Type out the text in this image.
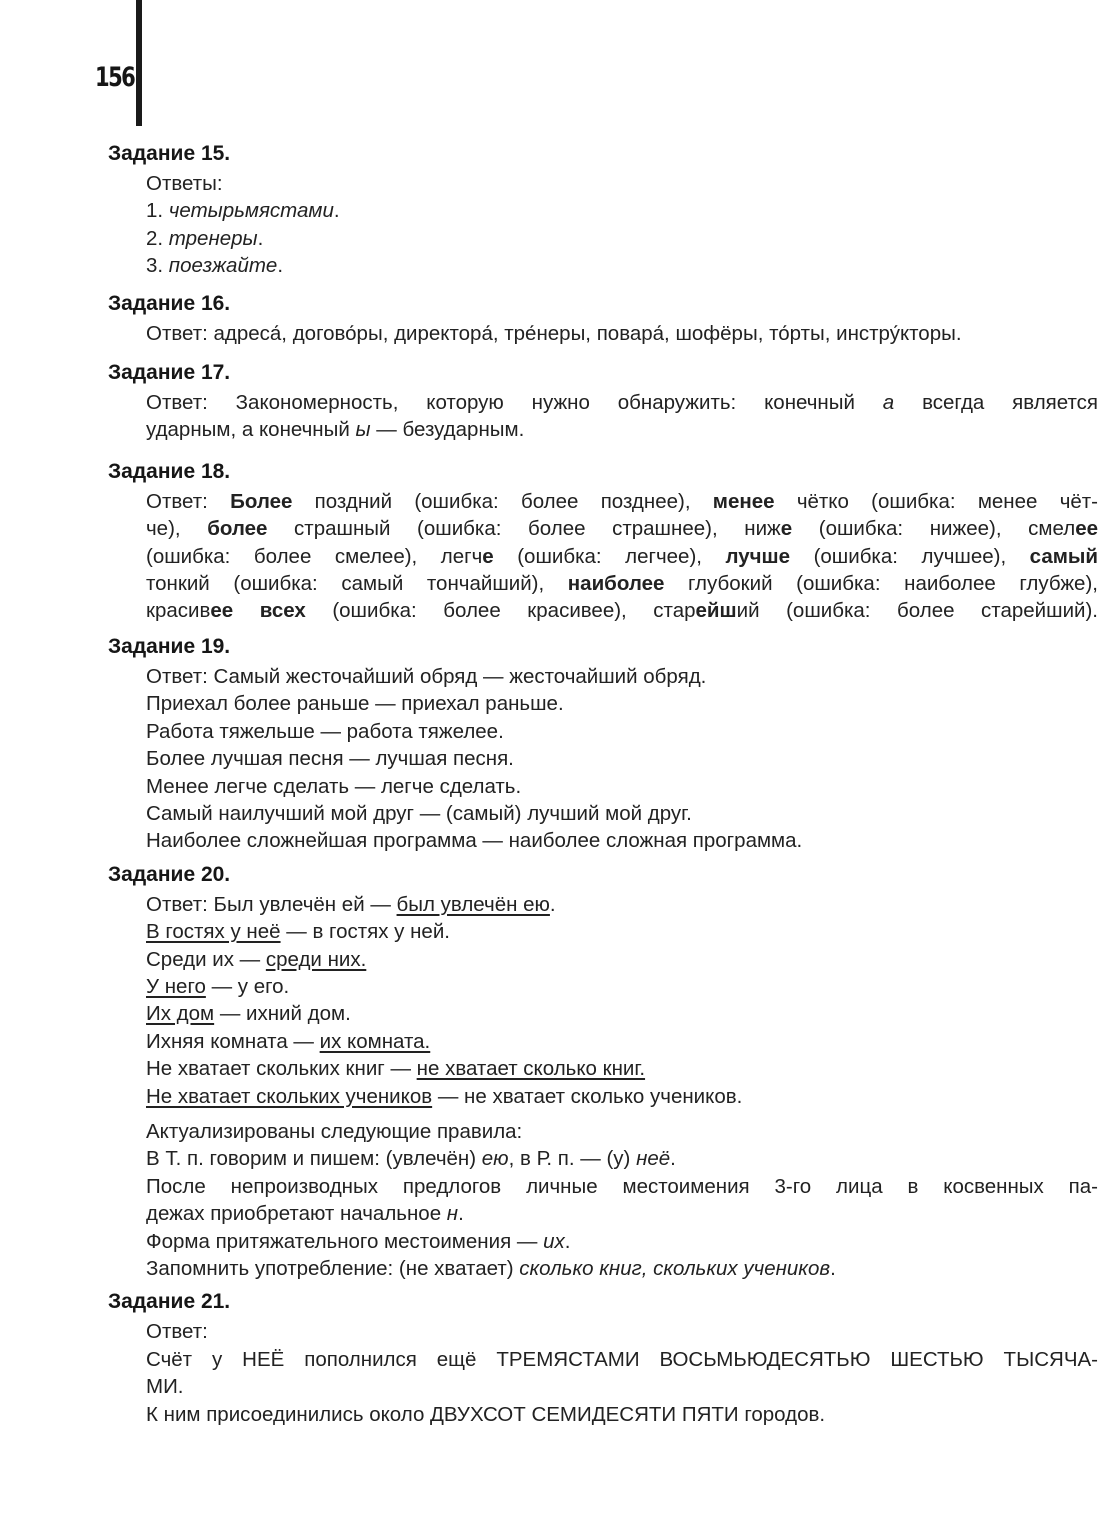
156
Задание 15.
Ответы:
1. четырьмястами.
2. тренеры.
3. поезжайте.
Задание 16.
Ответ: адреса́, догово́ры, директора́, тре́неры, повара́, шофёры, то́рты, инстру́кторы.
Задание 17.
Ответ: Закономерность, которую нужно обнаружить: конечный а всегда является
ударным, а конечный ы — безударным.
Задание 18.
Ответ: Более поздний (ошибка: более позднее), менее чётко (ошибка: менее чёт-
че), более страшный (ошибка: более страшнее), ниже (ошибка: нижее), смелее
(ошибка: более смелее), легче (ошибка: легчее), лучше (ошибка: лучшее), самый
тонкий (ошибка: самый тончайший), наиболее глубокий (ошибка: наиболее глубже),
красивее всех (ошибка: более красивее), старейший (ошибка: более старейший).
Задание 19.
Ответ: Самый жесточайший обряд — жесточайший обряд.
Приехал более раньше — приехал раньше.
Работа тяжельше — работа тяжелее.
Более лучшая песня — лучшая песня.
Менее легче сделать — легче сделать.
Самый наилучший мой друг — (самый) лучший мой друг.
Наиболее сложнейшая программа — наиболее сложная программа.
Задание 20.
Ответ: Был увлечён ей — был увлечён ею.
В гостях у неё — в гостях у ней.
Среди их — среди них.
У него — у его.
Их дом — ихний дом.
Ихняя комната — их комната.
Не хватает скольких книг — не хватает сколько книг.
Не хватает скольких учеников — не хватает сколько учеников.
Актуализированы следующие правила:
В Т. п. говорим и пишем: (увлечён) ею, в Р. п. — (у) неё.
После непроизводных предлогов личные местоимения 3-го лица в косвенных па-
дежах приобретают начальное н.
Форма притяжательного местоимения — их.
Запомнить употребление: (не хватает) сколько книг, скольких учеников.
Задание 21.
Ответ:
Счёт у НЕЁ пополнился ещё ТРЕМЯСТАМИ ВОСЬМЬЮДЕСЯТЬЮ ШЕСТЬЮ ТЫСЯЧА-
МИ.
К ним присоединились около ДВУХСОТ СЕМИДЕСЯТИ ПЯТИ городов.
